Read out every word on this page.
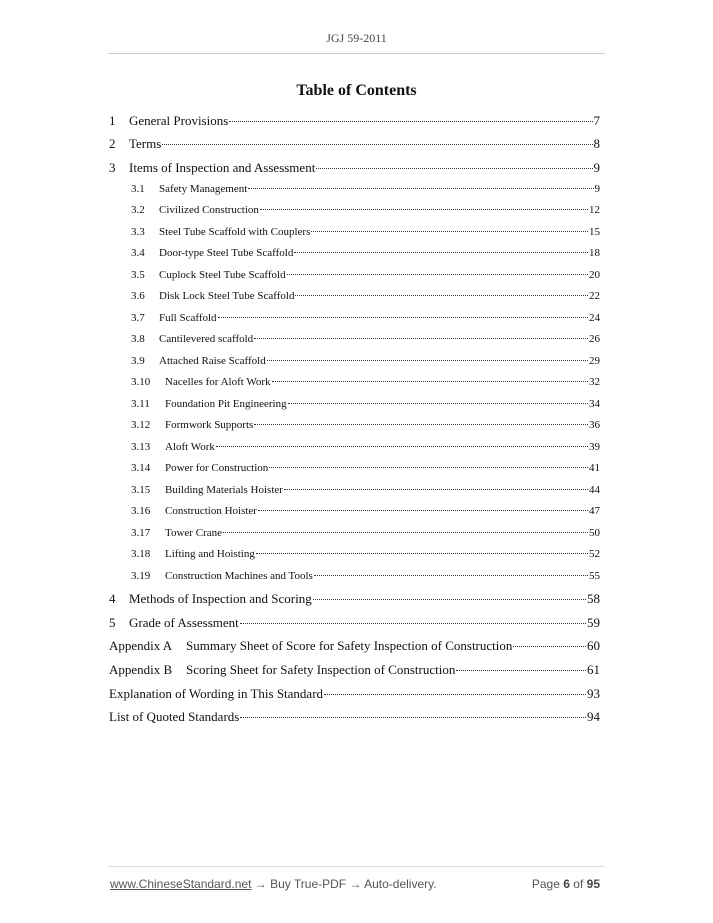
JGJ 59-2011
Table of Contents
1	General Provisions	7
2	Terms	8
3	Items of Inspection and Assessment	9
3.1	Safety Management	9
3.2	Civilized Construction	12
3.3	Steel Tube Scaffold with Couplers	15
3.4	Door-type Steel Tube Scaffold	18
3.5	Cuplock Steel Tube Scaffold	20
3.6	Disk Lock Steel Tube Scaffold	22
3.7	Full Scaffold	24
3.8	Cantilevered scaffold	26
3.9	Attached Raise Scaffold	29
3.10	Nacelles for Aloft Work	32
3.11	Foundation Pit Engineering	34
3.12	Formwork Supports	36
3.13	Aloft Work	39
3.14	Power for Construction	41
3.15	Building Materials Hoister	44
3.16	Construction Hoister	47
3.17	Tower Crane	50
3.18	Lifting and Hoisting	52
3.19	Construction Machines and Tools	55
4	Methods of Inspection and Scoring	58
5	Grade of Assessment	59
Appendix A	Summary Sheet of Score for Safety Inspection of Construction	60
Appendix B	Scoring Sheet for Safety Inspection of Construction	61
Explanation of Wording in This Standard	93
List of Quoted Standards	94
www.ChineseStandard.net → Buy True-PDF → Auto-delivery.	Page 6 of 95
